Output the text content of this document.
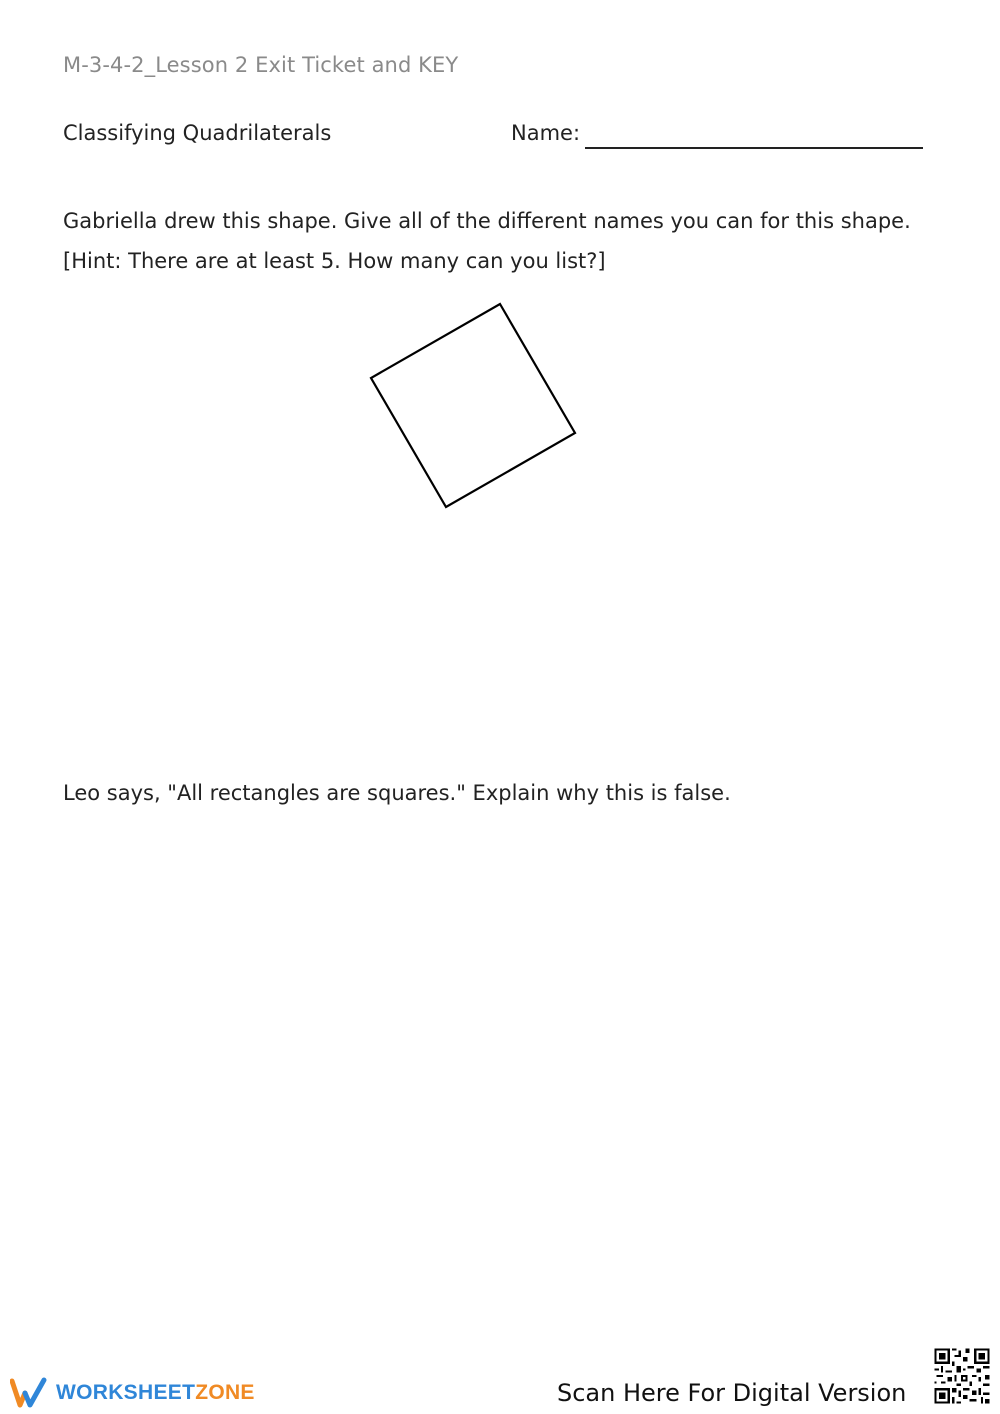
M-3-4-2_Lesson 2 Exit Ticket and KEY
Classifying Quadrilaterals	Name:
Gabriella drew this shape. Give all of the different names you can for this shape.
[Hint: There are at least 5. How many can you list?]
Leo says, "All rectangles are squares." Explain why this is false.
WORKSHEETZONE	Scan Here For Digital Version
